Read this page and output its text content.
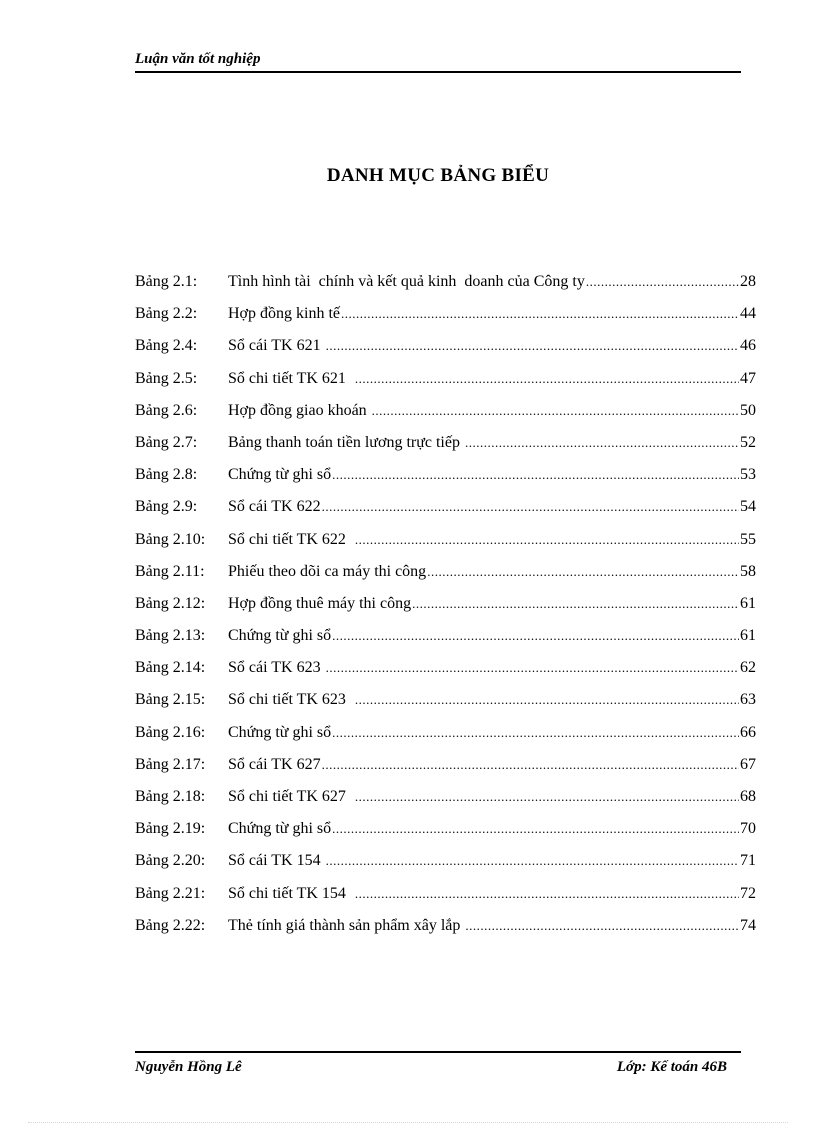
Luận văn tốt nghiệp
DANH MỤC BẢNG BIỂU
Bảng 2.1:	Tình hình tài  chính và kết quả kinh  doanh của Công ty .....	28
Bảng 2.2:	Hợp đồng kinh tế .....	44
Bảng 2.4:	Sổ cái TK 621 .....	46
Bảng 2.5:	Sổ chi tiết TK 621 .....	47
Bảng 2.6:	Hợp đồng giao khoán .....	50
Bảng 2.7:	Bảng thanh toán tiền lương trực tiếp .....	52
Bảng 2.8:	Chứng từ ghi sổ .....	53
Bảng 2.9:	Sổ cái TK 622 .....	54
Bảng 2.10:	Sổ chi tiết TK 622 .....	55
Bảng 2.11:	Phiếu theo dõi ca máy thi công .....	58
Bảng 2.12:	Hợp đồng thuê máy thi công .....	61
Bảng 2.13:	Chứng từ ghi sổ .....	61
Bảng 2.14:	Sổ cái TK 623 .....	62
Bảng 2.15:	Sổ chi tiết TK 623 .....	63
Bảng 2.16:	Chứng từ ghi sổ .....	66
Bảng 2.17:	Sổ cái TK 627 .....	67
Bảng 2.18:	Sổ chi tiết TK 627 .....	68
Bảng 2.19:	Chứng từ ghi sổ .....	70
Bảng 2.20:	Sổ cái TK 154 .....	71
Bảng 2.21:	Sổ chi tiết TK 154 .....	72
Bảng 2.22:	Thẻ tính giá thành sản phẩm xây lắp .....	74
Nguyễn Hồng Lê	Lớp: Kế toán 46B
